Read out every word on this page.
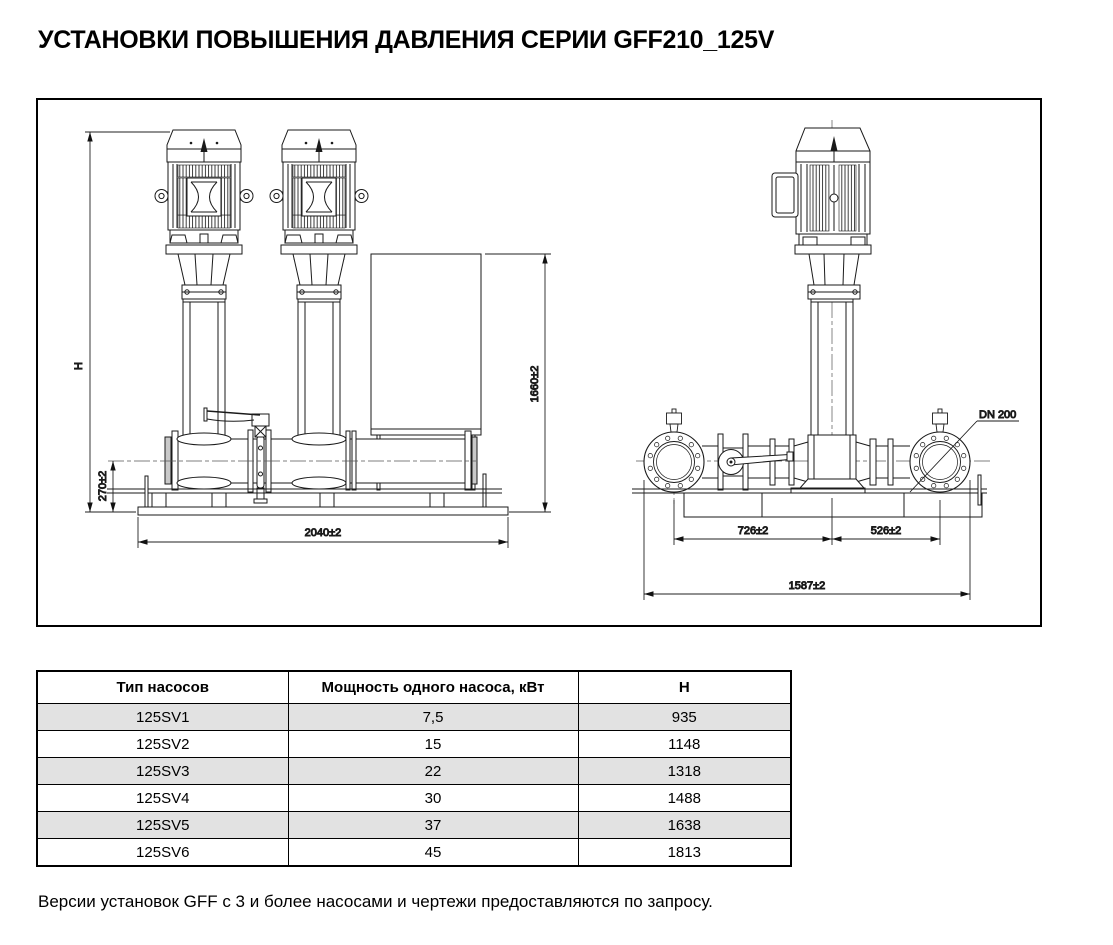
УСТАНОВКИ ПОВЫШЕНИЯ ДАВЛЕНИЯ СЕРИИ GFF210_125V
H
270±2
1660±2
2040±2
DN 200
726±2	526±2
1587±2
Тип насосов	Мощность одного насоса, кВт	Н
125SV1	7,5	935
125SV2	15	1148
125SV3	22	1318
125SV4	30	1488
125SV5	37	1638
125SV6	45	1813
Версии установок GFF с 3 и более насосами и чертежи предоставляются по запросу.
